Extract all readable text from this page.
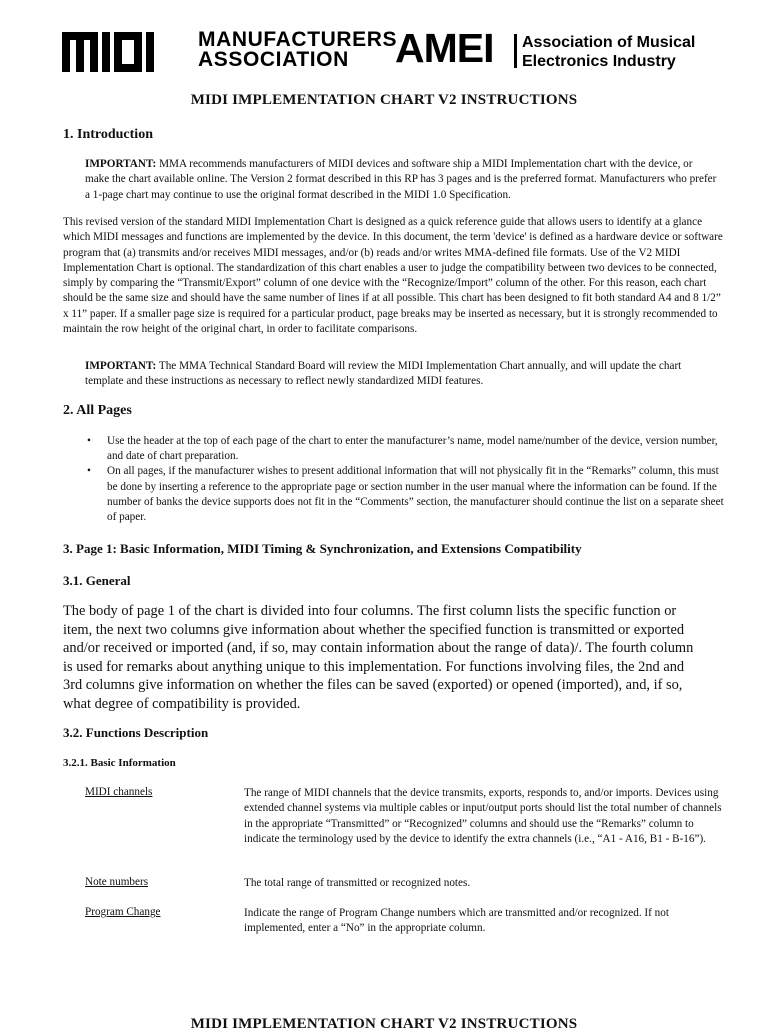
MANUFACTURERS
ASSOCIATION	AMEI Association of Musical
Electronics Industry
MIDI IMPLEMENTATION CHART V2 INSTRUCTIONS
1. Introduction
IMPORTANT: MMA recommends manufacturers of MIDI devices and software ship a MIDI Implementation chart with the device, or make the chart available online. The Version 2 format described in this RP has 3 pages and is the preferred format. Manufacturers who prefer a 1-page chart may continue to use the original format described in the MIDI 1.0 Specification.
This revised version of the standard MIDI Implementation Chart is designed as a quick reference guide that allows users to identify at a glance which MIDI messages and functions are implemented by the device. In this document, the term 'device' is defined as a hardware device or software program that (a) transmits and/or receives MIDI messages, and/or (b) reads and/or writes MMA-defined file formats. Use of the V2 MIDI Implementation Chart is optional. The standardization of this chart enables a user to judge the compatibility between two devices to be connected, simply by comparing the “Transmit/Export” column of one device with the “Recognize/Import” column of the other. For this reason, each chart should be the same size and should have the same number of lines if at all possible. This chart has been designed to fit both standard A4 and 8 1/2” x 11” paper. If a smaller page size is required for a particular product, page breaks may be inserted as necessary, but it is strongly recommended to maintain the row height of the original chart, in order to facilitate comparisons.
IMPORTANT: The MMA Technical Standard Board will review the MIDI Implementation Chart annually, and will update the chart template and these instructions as necessary to reflect newly standardized MIDI features.
2. All Pages
• Use the header at the top of each page of the chart to enter the manufacturer’s name, model name/number of the device, version number, and date of chart preparation.
• On all pages, if the manufacturer wishes to present additional information that will not physically fit in the “Remarks” column, this must be done by inserting a reference to the appropriate page or section number in the user manual where the information can be found. If the number of banks the device supports does not fit in the “Comments” section, the manufacturer should continue the list on a separate sheet of paper.
3. Page 1: Basic Information, MIDI Timing & Synchronization, and Extensions Compatibility
3.1. General
The body of page 1 of the chart is divided into four columns. The first column lists the specific function or item, the next two columns give information about whether the specified function is transmitted or exported and/or received or imported (and, if so, may contain information about the range of data)/. The fourth column is used for remarks about anything unique to this implementation. For functions involving files, the 2nd and 3rd columns give information on whether the files can be saved (exported) or opened (imported), and, if so, what degree of compatibility is provided.
3.2. Functions Description
3.2.1. Basic Information
MIDI channels	The range of MIDI channels that the device transmits, exports, responds to, and/or imports. Devices using extended channel systems via multiple cables or input/output ports should list the total number of channels in the appropriate “Transmitted” or “Recognized” columns and should use the “Remarks” column to indicate the terminology used by the device to identify the extra channels (i.e., “A1 - A16, B1 - B-16”).
Note numbers	The total range of transmitted or recognized notes.
Program Change	Indicate the range of Program Change numbers which are transmitted and/or recognized. If not implemented, enter a “No” in the appropriate column.
MIDI IMPLEMENTATION CHART V2 INSTRUCTIONS
